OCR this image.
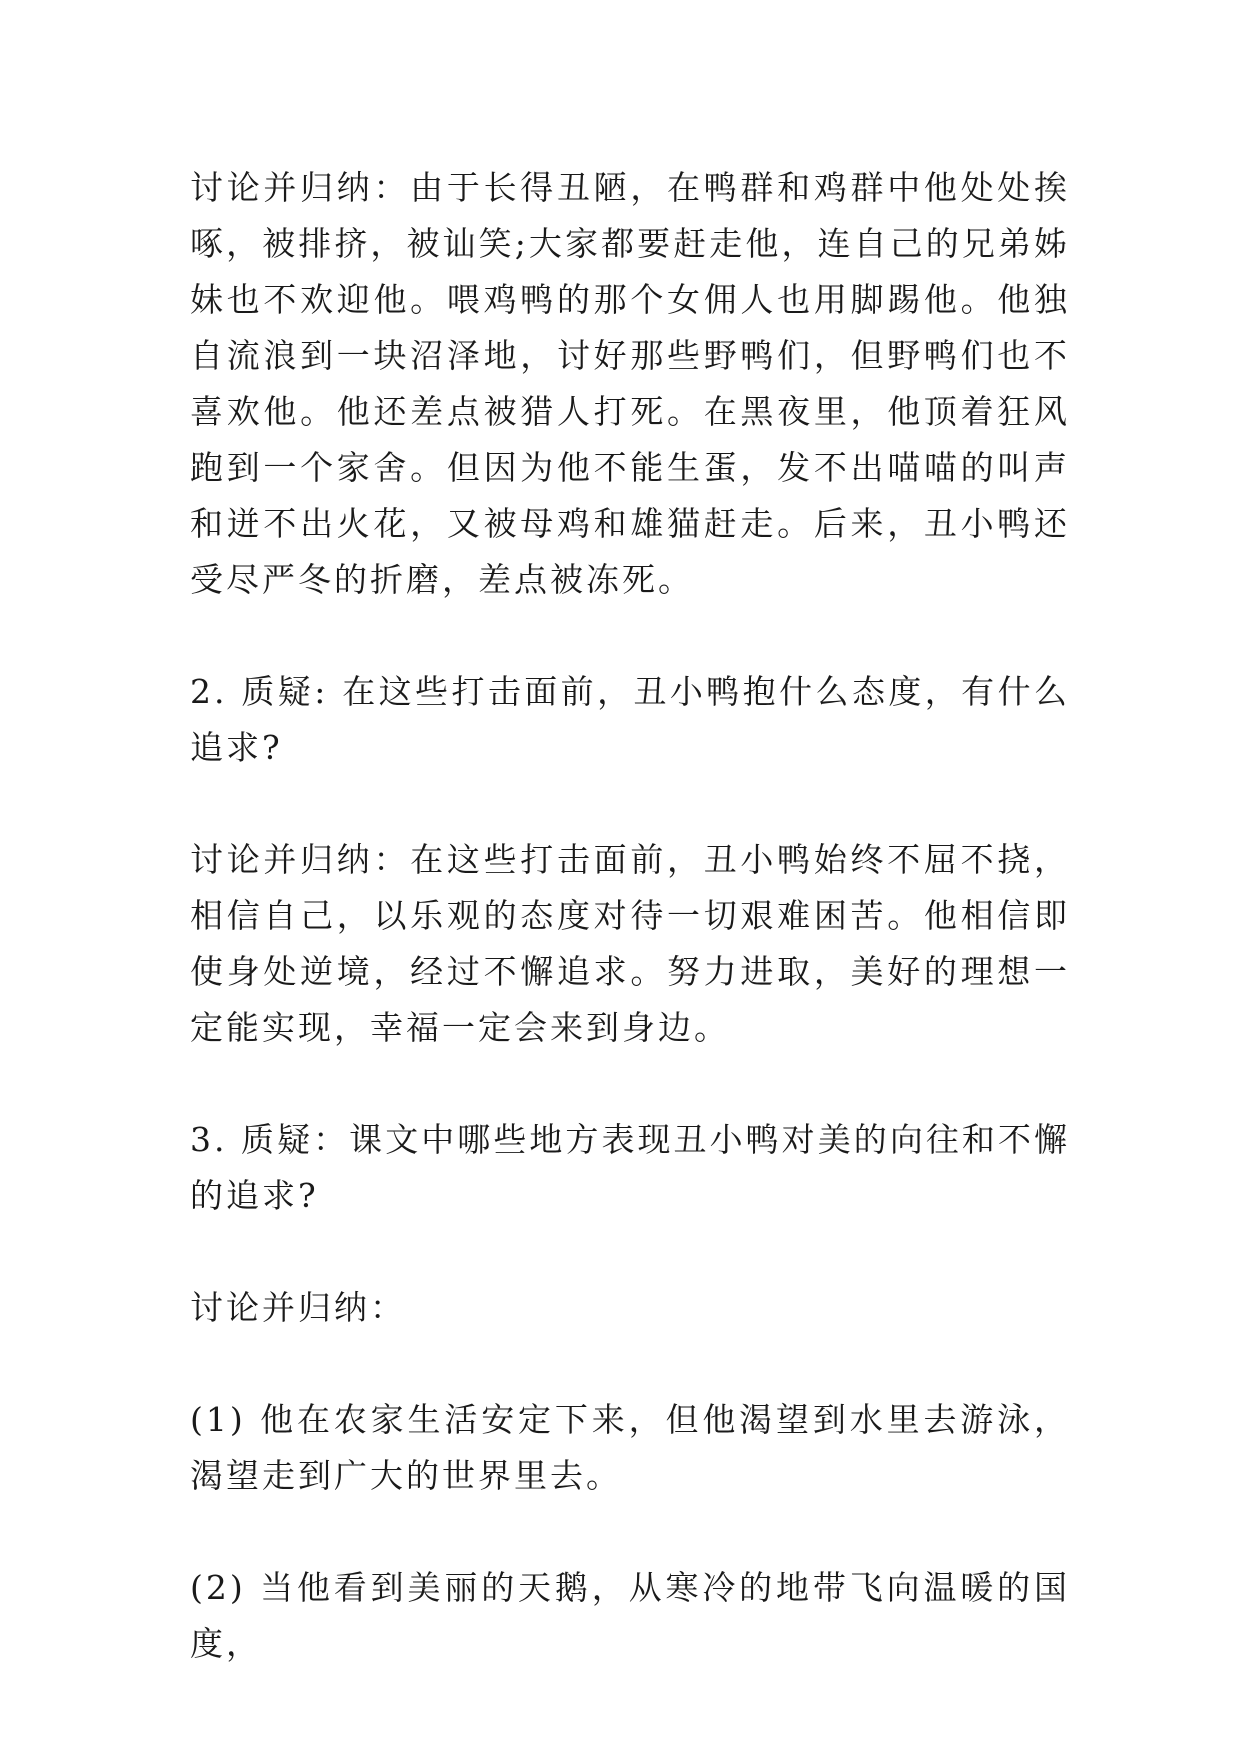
讨论并归纳：由于长得丑陋，在鸭群和鸡群中他处处挨啄，被排挤，被讪笑;大家都要赶走他，连自己的兄弟姊妹也不欢迎他。喂鸡鸭的那个女佣人也用脚踢他。他独自流浪到一块沼泽地，讨好那些野鸭们，但野鸭们也不喜欢他。他还差点被猎人打死。在黑夜里，他顶着狂风跑到一个家舍。但因为他不能生蛋，发不出喵喵的叫声和迸不出火花，又被母鸡和雄猫赶走。后来，丑小鸭还受尽严冬的折磨，差点被冻死。

2. 质疑: 在这些打击面前，丑小鸭抱什么态度，有什么追求?

讨论并归纳：在这些打击面前，丑小鸭始终不屈不挠，相信自己，以乐观的态度对待一切艰难困苦。他相信即使身处逆境，经过不懈追求。努力进取，美好的理想一定能实现，幸福一定会来到身边。

3. 质疑：课文中哪些地方表现丑小鸭对美的向往和不懈的追求?

讨论并归纳：

(1) 他在农家生活安定下来，但他渴望到水里去游泳，渴望走到广大的世界里去。

(2) 当他看到美丽的天鹅，从寒冷的地带飞向温暖的国度，
